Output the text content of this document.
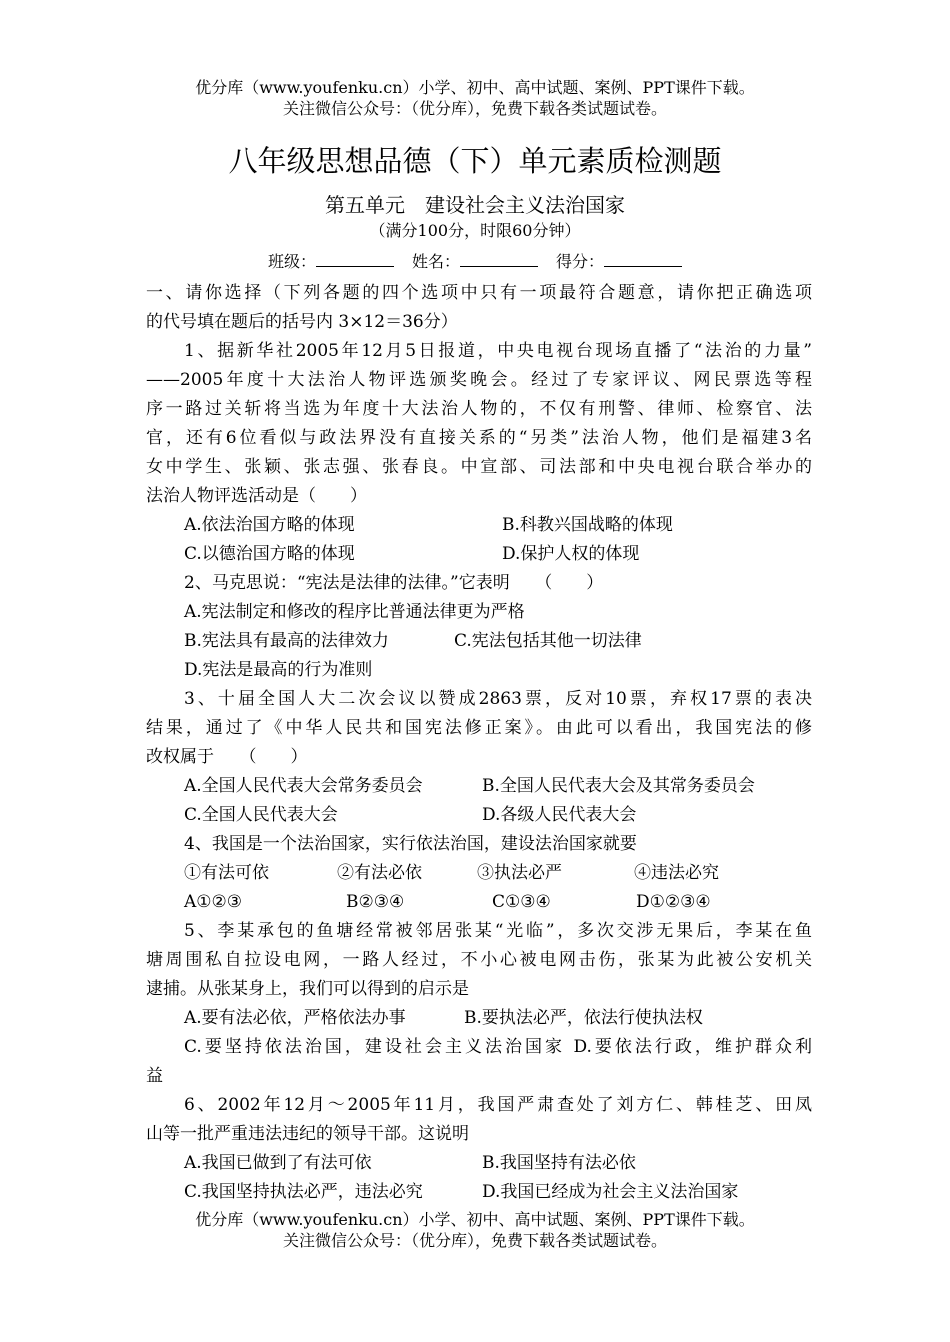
优分库（www.youfenku.cn）小学、初中、高中试题、案例、PPT课件下载。
关注微信公众号：（优分库），免费下载各类试题试卷。
八年级思想品德（下）单元素质检测题
第五单元　建设社会主义法治国家
（满分100分，时限60分钟）
班级：	姓名：	得分：
一、请你选择（下列各题的四个选项中只有一项最符合题意，请你把正确选项
的代号填在题后的括号内 3×12＝36分）
1、据新华社2005年12月5日报道，中央电视台现场直播了“法治的力量”
——2005年度十大法治人物评选颁奖晚会。经过了专家评议、网民票选等程
序一路过关斩将当选为年度十大法治人物的，不仅有刑警、律师、检察官、法
官，还有6位看似与政法界没有直接关系的“另类”法治人物，他们是福建3名
女中学生、张颖、张志强、张春良。中宣部、司法部和中央电视台联合举办的
法治人物评选活动是（　　）
A.依法治国方略的体现	B.科教兴国战略的体现
C.以德治国方略的体现	D.保护人权的体现
2、马克思说：“宪法是法律的法律。”它表明　　（　　）
A.宪法制定和修改的程序比普通法律更为严格
B.宪法具有最高的法律效力	C.宪法包括其他一切法律
D.宪法是最高的行为准则
3、十届全国人大二次会议以赞成2863票，反对10票，弃权17票的表决
结果，通过了《中华人民共和国宪法修正案》。由此可以看出，我国宪法的修
改权属于　　（　　）
A.全国人民代表大会常务委员会	B.全国人民代表大会及其常务委员会
C.全国人民代表大会	D.各级人民代表大会
4、我国是一个法治国家，实行依法治国，建设法治国家就要
①有法可依	②有法必依	③执法必严	④违法必究
A①②③	B②③④	C①③④	D①②③④
5、李某承包的鱼塘经常被邻居张某“光临”，多次交涉无果后，李某在鱼
塘周围私自拉设电网，一路人经过，不小心被电网击伤，张某为此被公安机关
逮捕。从张某身上，我们可以得到的启示是
A.要有法必依，严格依法办事	B.要执法必严，依法行使执法权
C.要坚持依法治国，建设社会主义法治国家 D.要依法行政，维护群众利
益
6、2002年12月～2005年11月，我国严肃查处了刘方仁、韩桂芝、田凤
山等一批严重违法违纪的领导干部。这说明
A.我国已做到了有法可依	B.我国坚持有法必依
C.我国坚持执法必严，违法必究	D.我国已经成为社会主义法治国家
优分库（www.youfenku.cn）小学、初中、高中试题、案例、PPT课件下载。
关注微信公众号：（优分库），免费下载各类试题试卷。
